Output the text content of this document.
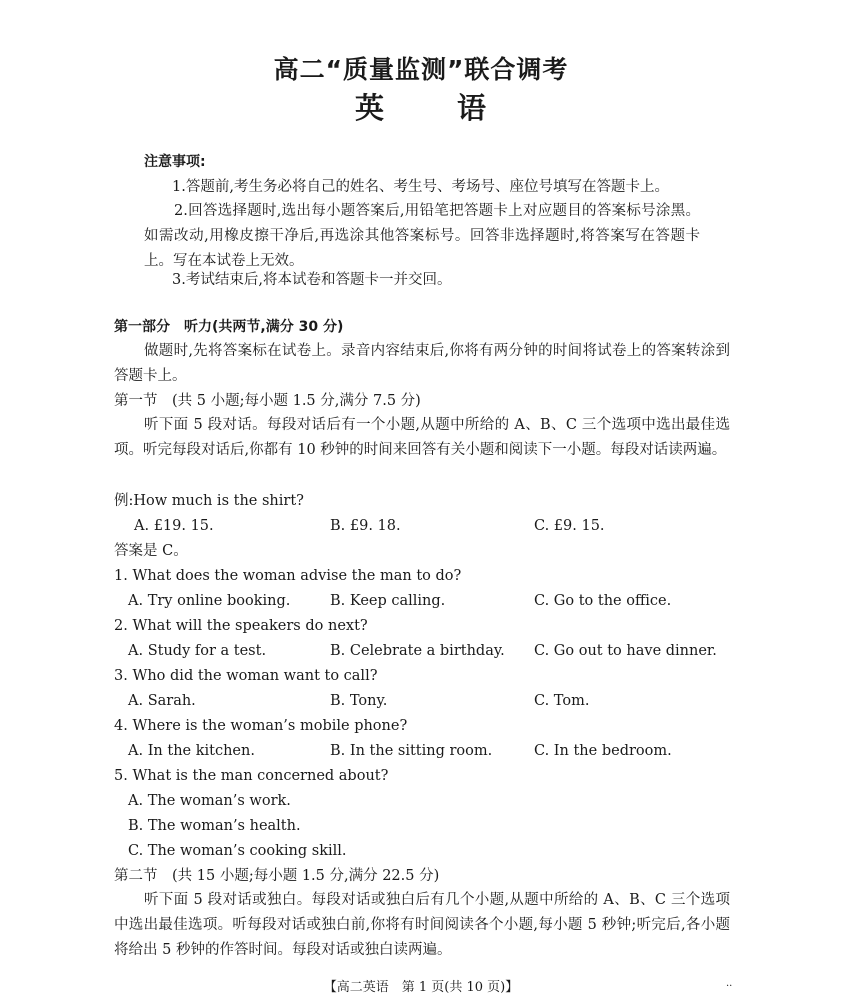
高二“质量监测”联合调考
英 语
注意事项:
1.答题前,考生务必将自己的姓名、考生号、考场号、座位号填写在答题卡上。
2.回答选择题时,选出每小题答案后,用铅笔把答题卡上对应题目的答案标号涂黑。如需改动,用橡皮擦干净后,再选涂其他答案标号。回答非选择题时,将答案写在答题卡上。写在本试卷上无效。
3.考试结束后,将本试卷和答题卡一并交回。
第一部分　听力(共两节,满分 30 分)
做题时,先将答案标在试卷上。录音内容结束后,你将有两分钟的时间将试卷上的答案转涂到答题卡上。
第一节　(共 5 小题;每小题 1.5 分,满分 7.5 分)
听下面 5 段对话。每段对话后有一个小题,从题中所给的 A、B、C 三个选项中选出最佳选项。听完每段对话后,你都有 10 秒钟的时间来回答有关小题和阅读下一小题。每段对话读两遍。
例:How much is the shirt?
A. £19. 15.	B. £9. 18.	C. £9. 15.
答案是 C。
1. What does the woman advise the man to do?
A. Try online booking.	B. Keep calling.	C. Go to the office.
2. What will the speakers do next?
A. Study for a test.	B. Celebrate a birthday. C. Go out to have dinner.
3. Who did the woman want to call?
A. Sarah.	B. Tony.	C. Tom.
4. Where is the woman’s mobile phone?
A. In the kitchen.	B. In the sitting room.	C. In the bedroom.
5. What is the man concerned about?
A. The woman’s work.
B. The woman’s health.
C. The woman’s cooking skill.
第二节　(共 15 小题;每小题 1.5 分,满分 22.5 分)
听下面 5 段对话或独白。每段对话或独白后有几个小题,从题中所给的 A、B、C 三个选项中选出最佳选项。听每段对话或独白前,你将有时间阅读各个小题,每小题 5 秒钟;听完后,各小题将给出 5 秒钟的作答时间。每段对话或独白读两遍。
【高二英语　第 1 页(共 10 页)】	..
